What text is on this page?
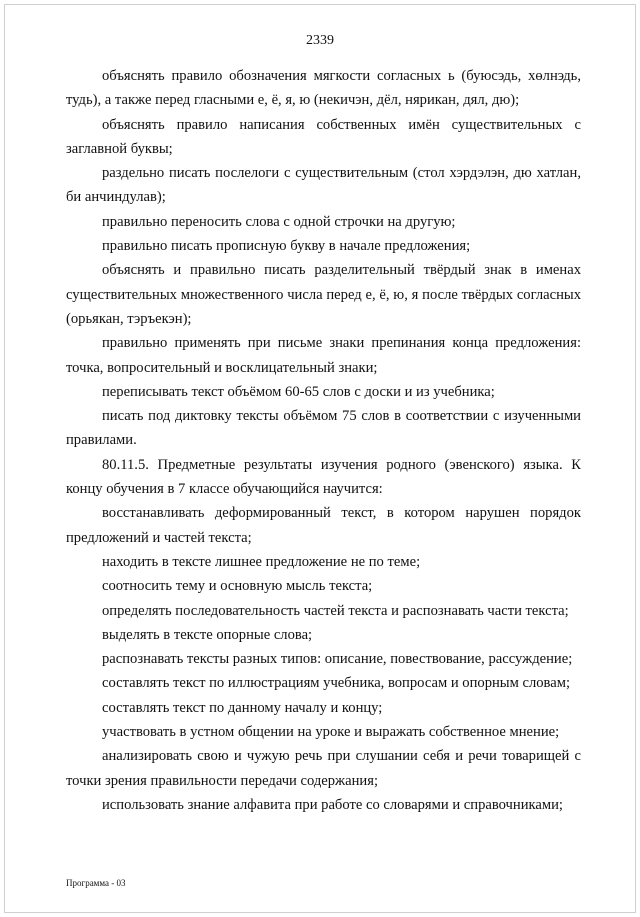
2339

объяснять правило обозначения мягкости согласных ь (буюсэдь, хөлнэдь, тудь), а также перед гласными е, ё, я, ю (некичэн, дёл, нярикан, дял, дю);

объяснять правило написания собственных имён существительных с заглавной буквы;

раздельно писать послелоги с существительным (стол хэрдэлэн, дю хатлан, би анчиндулав);

правильно переносить слова с одной строчки на другую;

правильно писать прописную букву в начале предложения;

объяснять и правильно писать разделительный твёрдый знак в именах существительных множественного числа перед е, ё, ю, я после твёрдых согласных (орьякан, тэръекэн);

правильно применять при письме знаки препинания конца предложения: точка, вопросительный и восклицательный знаки;

переписывать текст объёмом 60-65 слов с доски и из учебника;

писать под диктовку тексты объёмом 75 слов в соответствии с изученными правилами.

80.11.5. Предметные результаты изучения родного (эвенского) языка. К концу обучения в 7 классе обучающийся научится:

восстанавливать деформированный текст, в котором нарушен порядок предложений и частей текста;

находить в тексте лишнее предложение не по теме;

соотносить тему и основную мысль текста;

определять последовательность частей текста и распознавать части текста;

выделять в тексте опорные слова;

распознавать тексты разных типов: описание, повествование, рассуждение;

составлять текст по иллюстрациям учебника, вопросам и опорным словам;

составлять текст по данному началу и концу;

участвовать в устном общении на уроке и выражать собственное мнение;

анализировать свою и чужую речь при слушании себя и речи товарищей с точки зрения правильности передачи содержания;

использовать знание алфавита при работе со словарями и справочниками;

Программа - 03
